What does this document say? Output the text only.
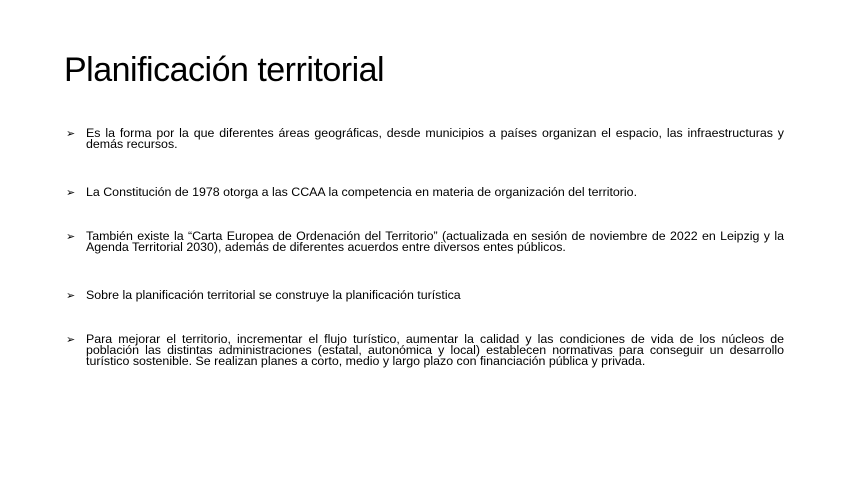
Planificación territorial
➢ Es la forma por la que diferentes áreas geográficas, desde municipios a países organizan el espacio, las infraestructuras y demás recursos.
➢ La Constitución de 1978 otorga a las CCAA la competencia en materia de organización del territorio.
➢ También existe la “Carta Europea de Ordenación del Territorio” (actualizada en sesión de noviembre de 2022 en Leipzig y la Agenda Territorial 2030), además de diferentes acuerdos entre diversos entes públicos.
➢ Sobre la planificación territorial se construye la planificación turística
➢ Para mejorar el territorio, incrementar el flujo turístico, aumentar la calidad y las condiciones de vida de los núcleos de población las distintas administraciones (estatal, autonómica y local) establecen normativas para conseguir un desarrollo turístico sostenible. Se realizan planes a corto, medio y largo plazo con financiación pública y privada.
